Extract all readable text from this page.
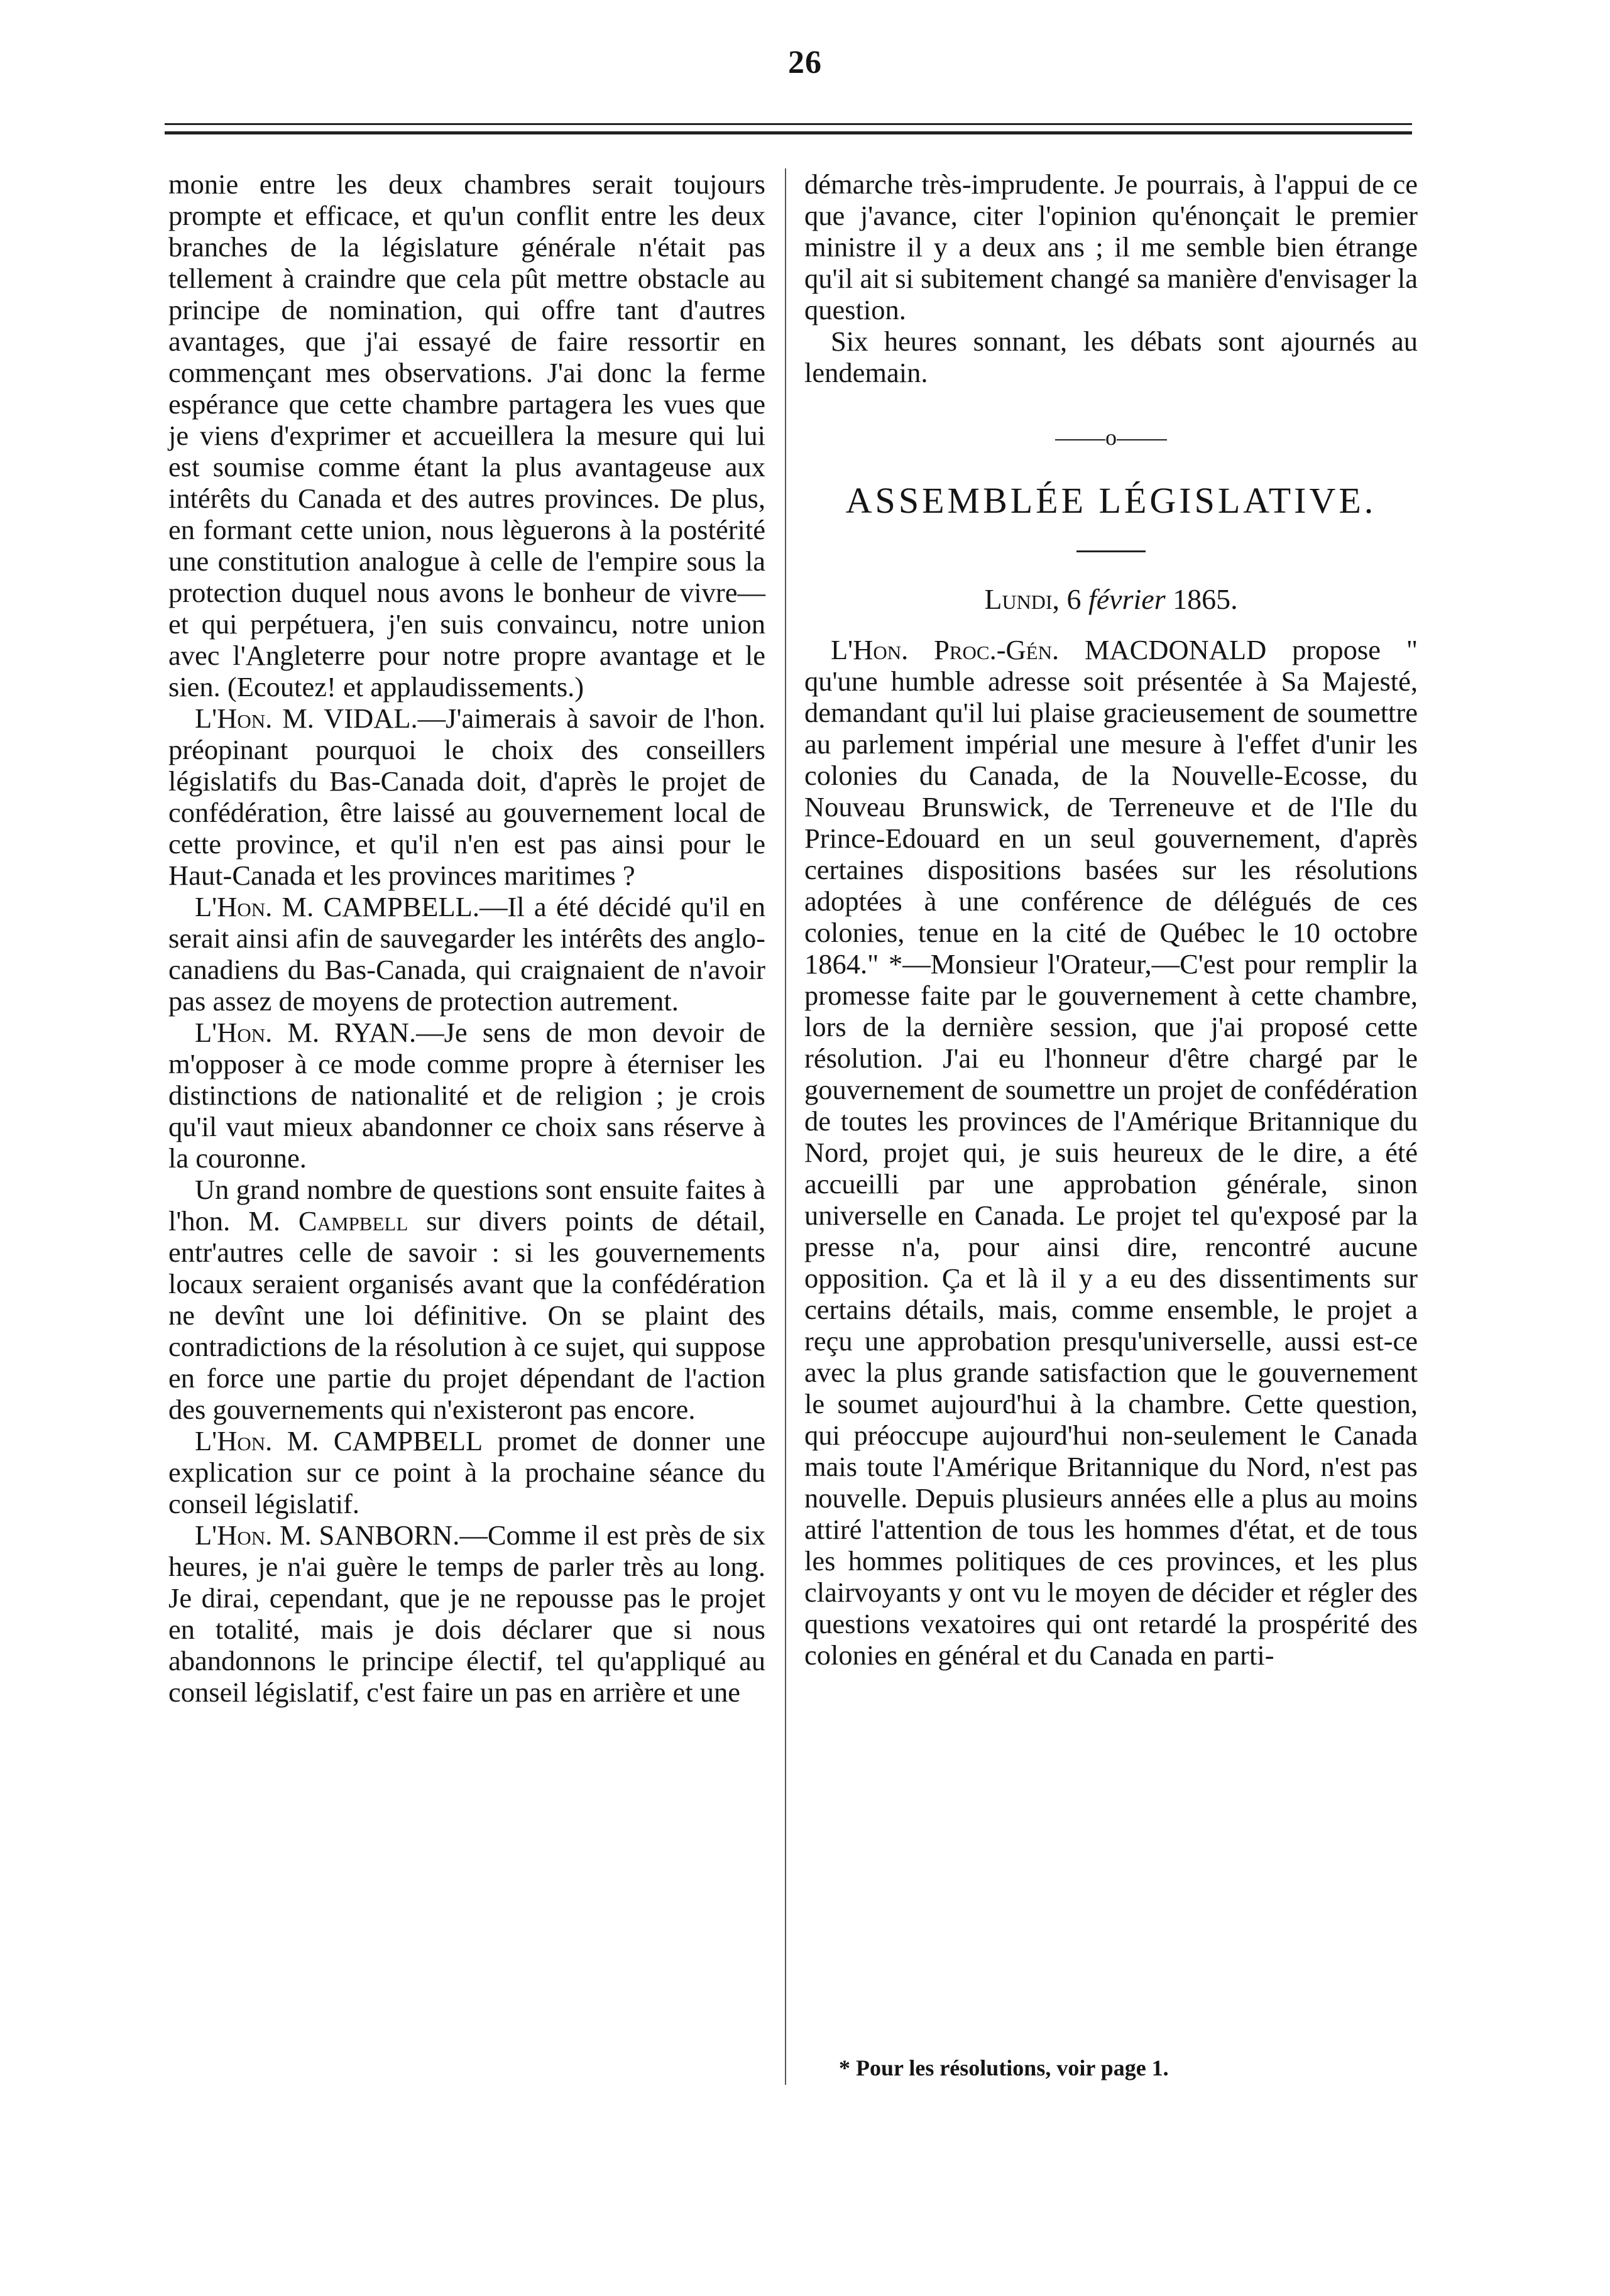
26

monie entre les deux chambres serait toujours prompte et efficace, et qu'un conflit entre les deux branches de la législature générale n'était pas tellement à craindre que cela pût mettre obstacle au principe de nomination, qui offre tant d'autres avantages, que j'ai essayé de faire ressortir en commençant mes observations. J'ai donc la ferme espérance que cette chambre partagera les vues que je viens d'exprimer et accueillera la mesure qui lui est soumise comme étant la plus avantageuse aux intérêts du Canada et des autres provinces. De plus, en formant cette union, nous lèguerons à la postérité une constitution analogue à celle de l'empire sous la protection duquel nous avons le bonheur de vivre—et qui perpétuera, j'en suis convaincu, notre union avec l'Angleterre pour notre propre avantage et le sien. (Ecoutez! et applaudissements.)

L'Hon. M. VIDAL.—J'aimerais à savoir de l'hon. préopinant pourquoi le choix des conseillers législatifs du Bas-Canada doit, d'après le projet de confédération, être laissé au gouvernement local de cette province, et qu'il n'en est pas ainsi pour le Haut-Canada et les provinces maritimes ?

L'Hon. M. CAMPBELL.—Il a été décidé qu'il en serait ainsi afin de sauvegarder les intérêts des anglo-canadiens du Bas-Canada, qui craignaient de n'avoir pas assez de moyens de protection autrement.

L'Hon. M. RYAN.—Je sens de mon devoir de m'opposer à ce mode comme propre à éterniser les distinctions de nationalité et de religion ; je crois qu'il vaut mieux abandonner ce choix sans réserve à la couronne.

Un grand nombre de questions sont ensuite faites à l'hon. M. Campbell sur divers points de détail, entr'autres celle de savoir : si les gouvernements locaux seraient organisés avant que la confédération ne devînt une loi définitive. On se plaint des contradictions de la résolution à ce sujet, qui suppose en force une partie du projet dépendant de l'action des gouvernements qui n'existeront pas encore.

L'Hon. M. CAMPBELL promet de donner une explication sur ce point à la prochaine séance du conseil législatif.

L'Hon. M. SANBORN.—Comme il est près de six heures, je n'ai guère le temps de parler très au long. Je dirai, cependant, que je ne repousse pas le projet en totalité, mais je dois déclarer que si nous abandonnons le principe électif, tel qu'appliqué au conseil législatif, c'est faire un pas en arrière et une

démarche très-imprudente. Je pourrais, à l'appui de ce que j'avance, citer l'opinion qu'énonçait le premier ministre il y a deux ans ; il me semble bien étrange qu'il ait si subitement changé sa manière d'envisager la question.

Six heures sonnant, les débats sont ajournés au lendemain.

o
ASSEMBLÉE LÉGISLATIVE.
Lundi, 6 février 1865.

L'Hon. Proc.-Gén. MACDONALD propose " qu'une humble adresse soit présentée à Sa Majesté, demandant qu'il lui plaise gracieusement de soumettre au parlement impérial une mesure à l'effet d'unir les colonies du Canada, de la Nouvelle-Ecosse, du Nouveau Brunswick, de Terreneuve et de l'Ile du Prince-Edouard en un seul gouvernement, d'après certaines dispositions basées sur les résolutions adoptées à une conférence de délégués de ces colonies, tenue en la cité de Québec le 10 octobre 1864." *—Monsieur l'Orateur,—C'est pour remplir la promesse faite par le gouvernement à cette chambre, lors de la dernière session, que j'ai proposé cette résolution. J'ai eu l'honneur d'être chargé par le gouvernement de soumettre un projet de confédération de toutes les provinces de l'Amérique Britannique du Nord, projet qui, je suis heureux de le dire, a été accueilli par une approbation générale, sinon universelle en Canada. Le projet tel qu'exposé par la presse n'a, pour ainsi dire, rencontré aucune opposition. Ça et là il y a eu des dissentiments sur certains détails, mais, comme ensemble, le projet a reçu une approbation presqu'universelle, aussi est-ce avec la plus grande satisfaction que le gouvernement le soumet aujourd'hui à la chambre. Cette question, qui préoccupe aujourd'hui non-seulement le Canada mais toute l'Amérique Britannique du Nord, n'est pas nouvelle. Depuis plusieurs années elle a plus au moins attiré l'attention de tous les hommes d'état, et de tous les hommes politiques de ces provinces, et les plus clairvoyants y ont vu le moyen de décider et régler des questions vexatoires qui ont retardé la prospérité des colonies en général et du Canada en parti-

* Pour les résolutions, voir page 1.
